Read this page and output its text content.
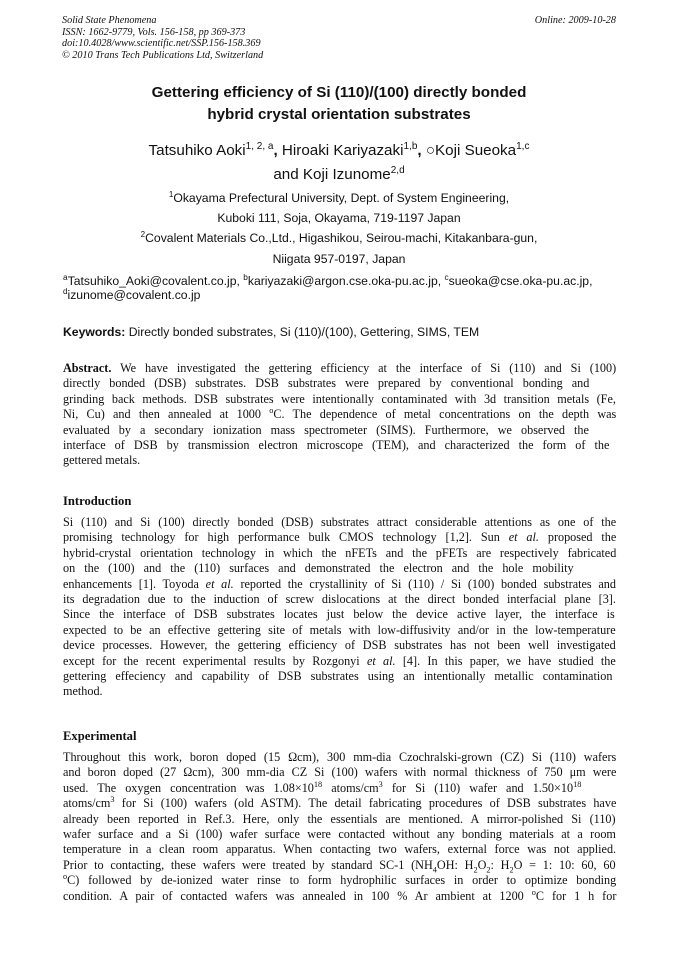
Solid State Phenomena
ISSN: 1662-9779, Vols. 156-158, pp 369-373
doi:10.4028/www.scientific.net/SSP.156-158.369
© 2010 Trans Tech Publications Ltd, Switzerland
Online: 2009-10-28
Gettering efficiency of Si (110)/(100) directly bonded
hybrid crystal orientation substrates
Tatsuhiko Aoki$^{1, 2, a}$, Hiroaki Kariyazaki$^{1,b}$, ○Koji Sueoka$^{1,c}$
and Koji Izunome$^{2,d}$
$^1$Okayama Prefectural University, Dept. of System Engineering,
Kuboki 111, Soja, Okayama, 719-1197 Japan
$^2$Covalent Materials Co.,Ltd., Higashikou, Seirou-machi, Kitakanbara-gun,
Niigata 957-0197, Japan
$^a$Tatsuhiko_Aoki@covalent.co.jp, $^b$kariyazaki@argon.cse.oka-pu.ac.jp, $^c$sueoka@cse.oka-pu.ac.jp,
$^d$izunome@covalent.co.jp
Keywords: Directly bonded substrates, Si (110)/(100), Gettering, SIMS, TEM
Abstract. We have investigated the gettering efficiency at the interface of Si (110) and Si (100)
directly bonded (DSB) substrates. DSB substrates were prepared by conventional bonding and
grinding back methods. DSB substrates were intentionally contaminated with 3d transition metals (Fe,
Ni, Cu) and then annealed at 1000 $^o$C. The dependence of metal concentrations on the depth was
evaluated by a secondary ionization mass spectrometer (SIMS). Furthermore, we observed the
interface of DSB by transmission electron microscope (TEM), and characterized the form of the
gettered metals.
Introduction
Si (110) and Si (100) directly bonded (DSB) substrates attract considerable attentions as one of the
promising technology for high performance bulk CMOS technology [1,2]. Sun et al. proposed the
hybrid-crystal orientation technology in which the nFETs and the pFETs are respectively fabricated
on the (100) and the (110) surfaces and demonstrated the electron and the hole mobility
enhancements [1]. Toyoda et al. reported the crystallinity of Si (110) / Si (100) bonded substrates and
its degradation due to the induction of screw dislocations at the direct bonded interfacial plane [3].
Since the interface of DSB substrates locates just below the device active layer, the interface is
expected to be an effective gettering site of metals with low-diffusivity and/or in the low-temperature
device processes. However, the gettering efficiency of DSB substrates has not been well investigated
except for the recent experimental results by Rozgonyi et al. [4]. In this paper, we have studied the
gettering effeciency and capability of DSB substrates using an intentionally metallic contamination
method.
Experimental
Throughout this work, boron doped (15 Ωcm), 300 mm-dia Czochralski-grown (CZ) Si (110) wafers
and boron doped (27 Ωcm), 300 mm-dia CZ Si (100) wafers with normal thickness of 750 μm were
used. The oxygen concentration was $1.08\times 10^{18}$ atoms/$cm^3$ for Si (110) wafer and $1.50\times 10^{18}$
atoms/$cm^3$ for Si (100) wafers (old ASTM). The detail fabricating procedures of DSB substrates have
already been reported in Ref.3. Here, only the essentials are mentioned. A mirror-polished Si (110)
wafer surface and a Si (100) wafer surface were contacted without any bonding materials at a room
temperature in a clean room apparatus. When contacting two wafers, external force was not applied.
Prior to contacting, these wafers were treated by standard SC-1 ($NH_4OH$: $H_2O_2$: $H_2O = 1$: 10: 60, 60
$^o$C) followed by de-ionized water rinse to form hydrophilic surfaces in order to optimize bonding
condition. A pair of contacted wafers was annealed in 100 % Ar ambient at 1200 $^o$C for 1 h for
